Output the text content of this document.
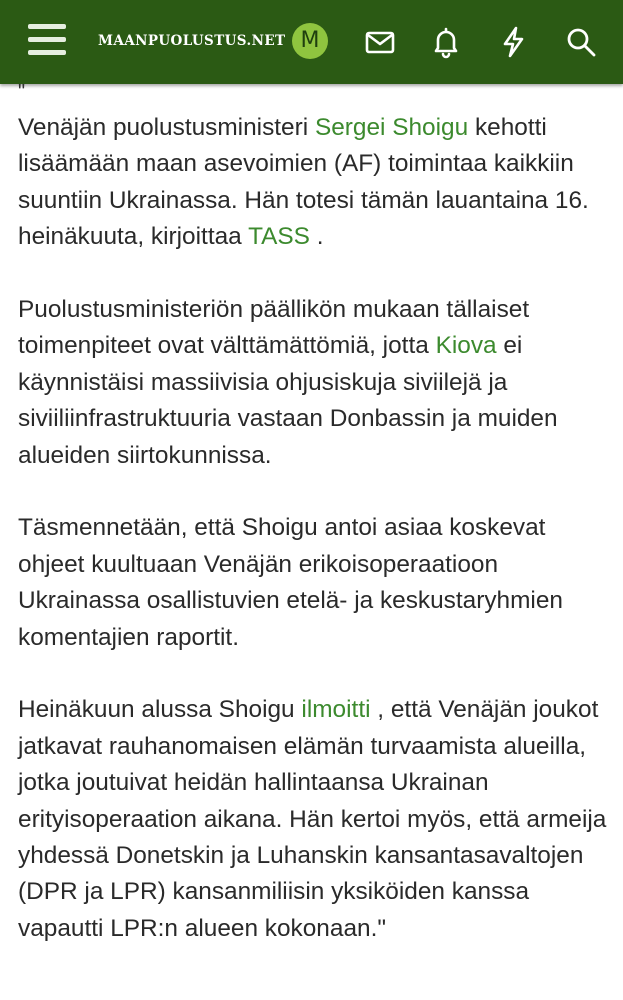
MAANPUOLUSTUS.NET M
"

Venäjän puolustusministeri Sergei Shoigu kehotti lisäämään maan asevoimien (AF) toimintaa kaikkiin suuntiin Ukrainassa. Hän totesi tämän lauantaina 16. heinäkuuta, kirjoittaa TASS .

Puolustusministeriön päällikön mukaan tällaiset toimenpiteet ovat välttämättömiä, jotta Kiova ei käynnistäisi massiivisia ohjusiskuja siviilejä ja siviiliinfrastruktuuria vastaan Donbassin ja muiden alueiden siirtokunnissa.

Täsmennetään, että Shoigu antoi asiaa koskevat ohjeet kuultuaan Venäjän erikoisoperaatioon Ukrainassa osallistuvien etelä- ja keskustaryhmien komentajien raportit.

Heinäkuun alussa Shoigu ilmoitti , että Venäjän joukot jatkavat rauhanomaisen elämän turvaamista alueilla, jotka joutuivat heidän hallintaansa Ukrainan erityisoperaation aikana. Hän kertoi myös, että armeija yhdessä Donetskin ja Luhanskin kansantasavaltojen (DPR ja LPR) kansanmiliisin yksiköiden kanssa vapautti LPR:n alueen kokonaan."
